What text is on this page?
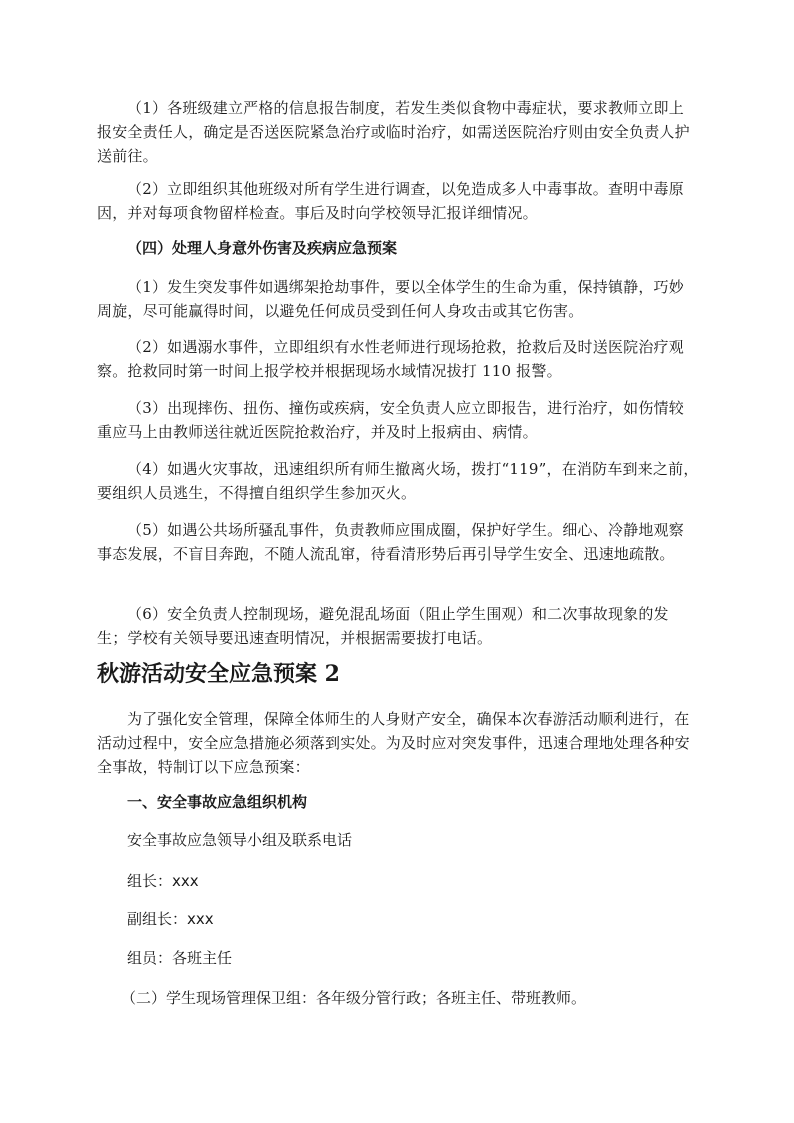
（1）各班级建立严格的信息报告制度，若发生类似食物中毒症状，要求教师立即上报安全责任人，确定是否送医院紧急治疗或临时治疗，如需送医院治疗则由安全负责人护送前往。

（2）立即组织其他班级对所有学生进行调查，以免造成多人中毒事故。查明中毒原因，并对每项食物留样检查。事后及时向学校领导汇报详细情况。

（四）处理人身意外伤害及疾病应急预案

（1）发生突发事件如遇绑架抢劫事件，要以全体学生的生命为重，保持镇静，巧妙周旋，尽可能赢得时间，以避免任何成员受到任何人身攻击或其它伤害。

（2）如遇溺水事件，立即组织有水性老师进行现场抢救，抢救后及时送医院治疗观察。抢救同时第一时间上报学校并根据现场水域情况拔打 110 报警。

（3）出现摔伤、扭伤、撞伤或疾病，安全负责人应立即报告，进行治疗，如伤情较重应马上由教师送往就近医院抢救治疗，并及时上报病由、病情。

（4）如遇火灾事故，迅速组织所有师生撤离火场，拨打“119”，在消防车到来之前，要组织人员逃生，不得擅自组织学生参加灭火。

（5）如遇公共场所骚乱事件，负责教师应围成圈，保护好学生。细心、冷静地观察事态发展，不盲目奔跑，不随人流乱窜，待看清形势后再引导学生安全、迅速地疏散。

（6）安全负责人控制现场，避免混乱场面（阻止学生围观）和二次事故现象的发生；学校有关领导要迅速查明情况，并根据需要拔打电话。

秋游活动安全应急预案 2

为了强化安全管理，保障全体师生的人身财产安全，确保本次春游活动顺利进行，在活动过程中，安全应急措施必须落到实处。为及时应对突发事件，迅速合理地处理各种安全事故，特制订以下应急预案：

一、安全事故应急组织机构

安全事故应急领导小组及联系电话

组长：xxx

副组长：xxx

组员：各班主任

（二）学生现场管理保卫组：各年级分管行政；各班主任、带班教师。
